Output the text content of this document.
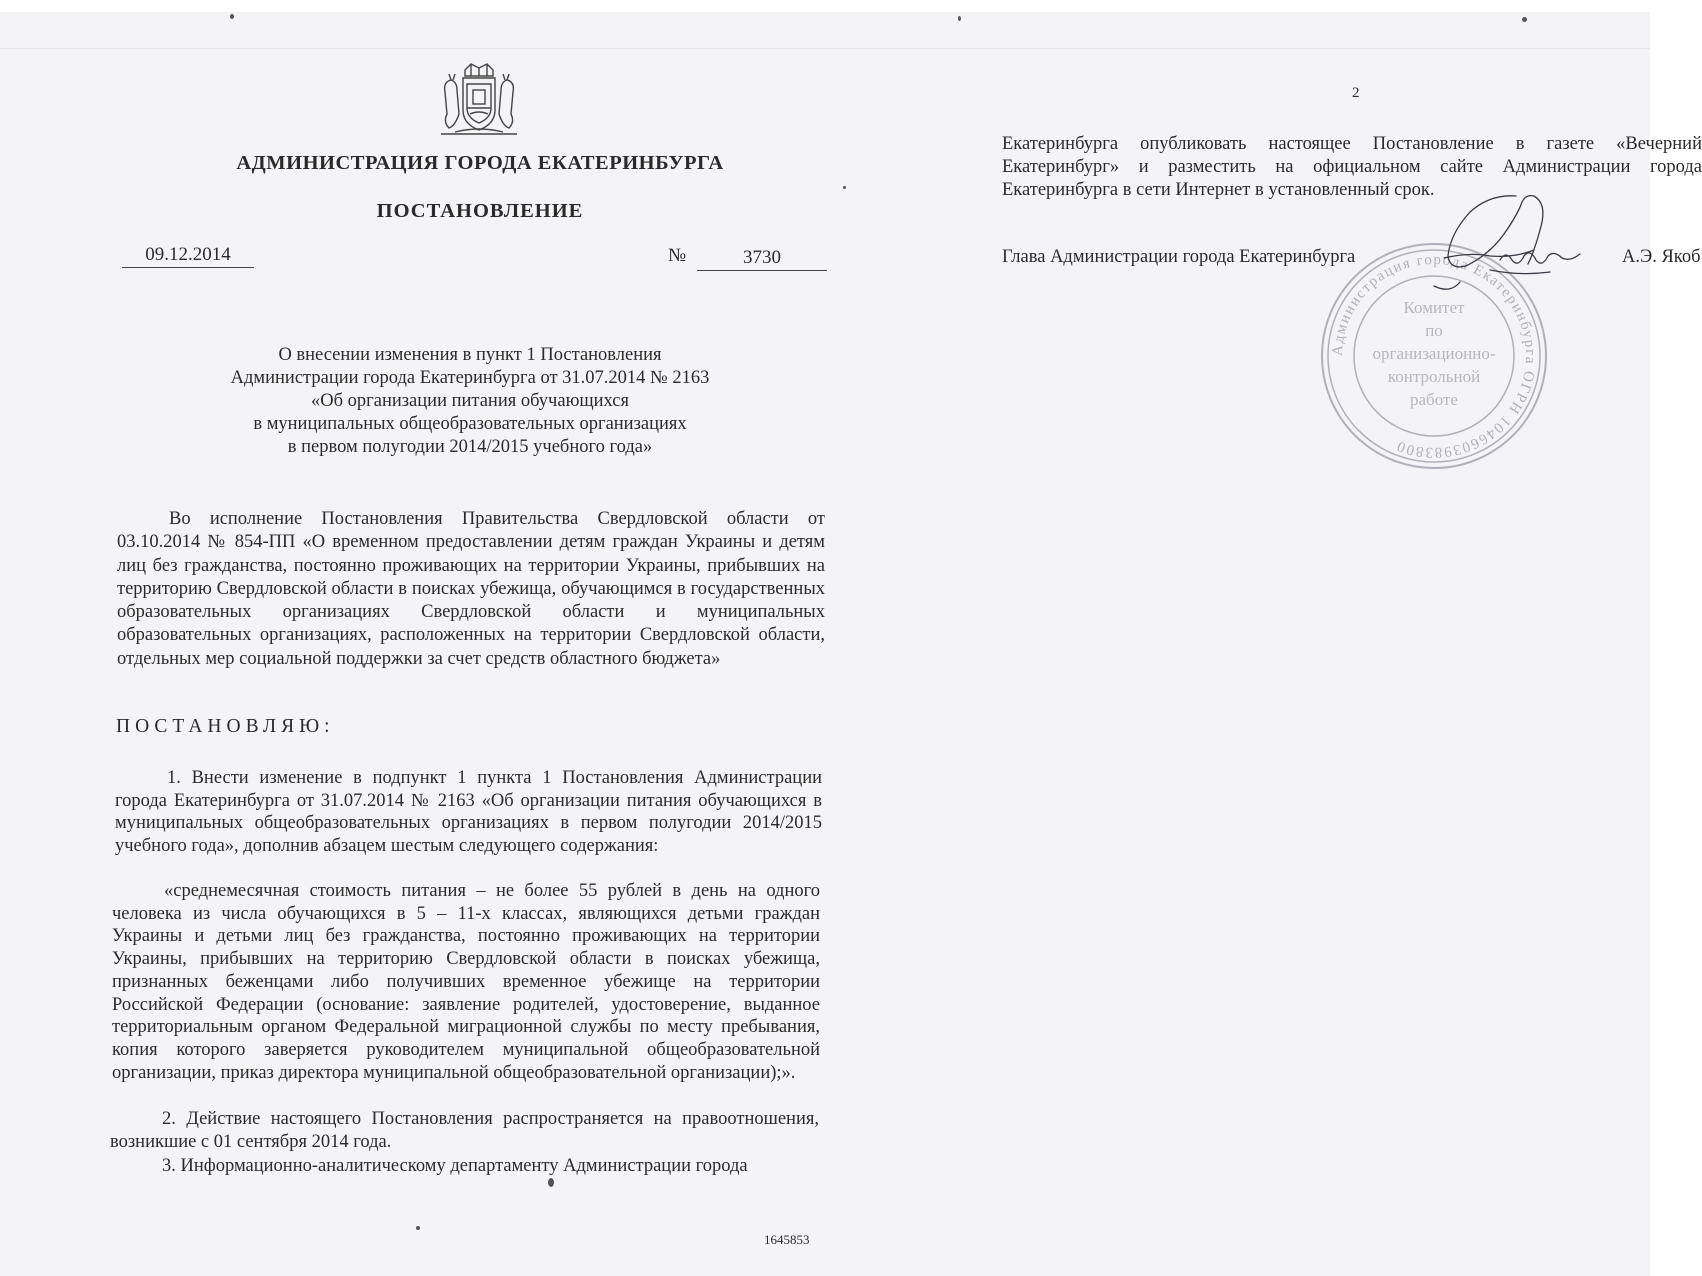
АДМИНИСТРАЦИЯ ГОРОДА ЕКАТЕРИНБУРГА
ПОСТАНОВЛЕНИЕ
09.12.2014	№	3730
О внесении изменения в пункт 1 Постановления
Администрации города Екатеринбурга от 31.07.2014 № 2163
«Об организации питания обучающихся
в муниципальных общеобразовательных организациях
в первом полугодии 2014/2015 учебного года»
Во исполнение Постановления Правительства Свердловской области от 03.10.2014 № 854-ПП «О временном предоставлении детям граждан Украины и детям лиц без гражданства, постоянно проживающих на территории Украины, прибывших на территорию Свердловской области в поисках убежища, обучающимся в государственных образовательных организациях Свердловской области и муниципальных образовательных организациях, расположенных на территории Свердловской области, отдельных мер социальной поддержки за счет средств областного бюджета»
ПОСТАНОВЛЯЮ:
1. Внести изменение в подпункт 1 пункта 1 Постановления Администрации города Екатеринбурга от 31.07.2014 № 2163 «Об организации питания обучающихся в муниципальных общеобразовательных организациях в первом полугодии 2014/2015 учебного года», дополнив абзацем шестым следующего содержания:
«среднемесячная стоимость питания – не более 55 рублей в день на одного человека из числа обучающихся в 5 – 11-х классах, являющихся детьми граждан Украины и детьми лиц без гражданства, постоянно проживающих на территории Украины, прибывших на территорию Свердловской области в поисках убежища, признанных беженцами либо получивших временное убежище на территории Российской Федерации (основание: заявление родителей, удостоверение, выданное территориальным органом Федеральной миграционной службы по месту пребывания, копия которого заверяется руководителем муниципальной общеобразовательной организации, приказ директора муниципальной общеобразовательной организации);».
2. Действие настоящего Постановления распространяется на правоотношения, возникшие с 01 сентября 2014 года.
3. Информационно-аналитическому департаменту Администрации города
1645853
2
Екатеринбурга опубликовать настоящее Постановление в газете «Вечерний Екатеринбург» и разместить на официальном сайте Администрации города Екатеринбурга в сети Интернет в установленный срок.
Глава Администрации города Екатеринбурга	А.Э. Якоб
Администрация города Екатеринбурга ОГРН 1046603983800
Комитет
по
организационно-
контрольной
работе
